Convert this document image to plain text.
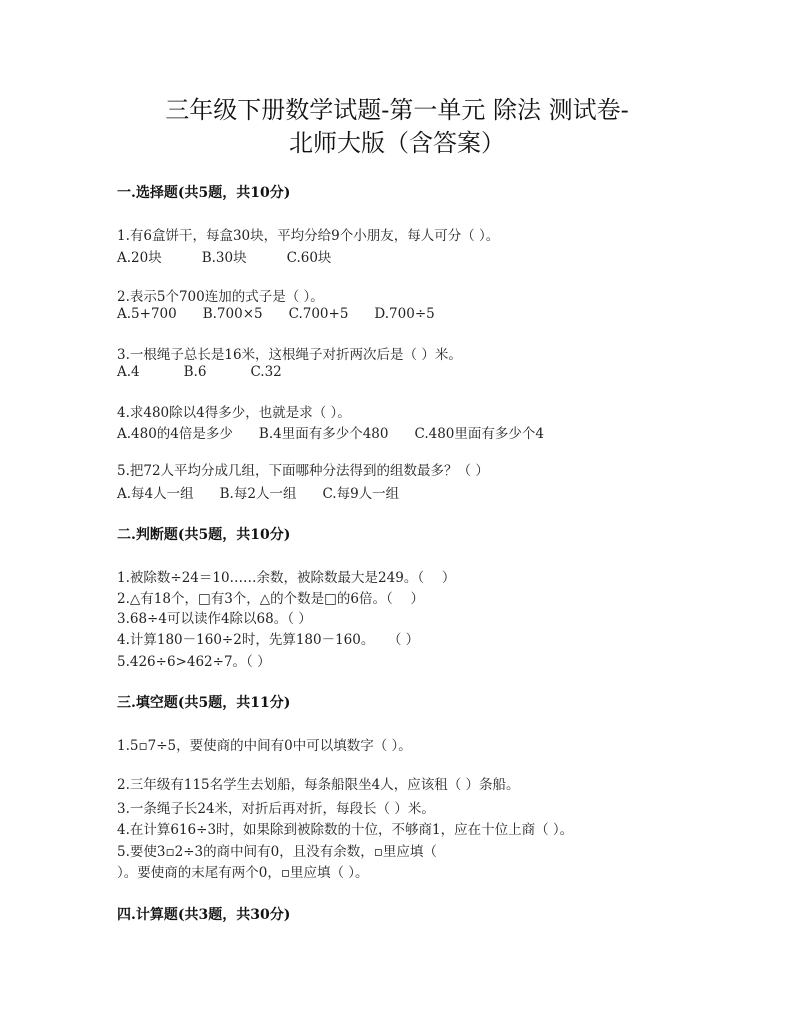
三年级下册数学试题-第一单元 除法 测试卷-
北师大版（含答案）
一.选择题(共5题，共10分)
1.有6盒饼干，每盒30块，平均分给9个小朋友，每人可分（ ）。
A.20块	B.30块	C.60块
2.表示5个700连加的式子是（ ）。
A.5+700 B.700×5 C.700+5 D.700÷5
3.一根绳子总长是16米，这根绳子对折两次后是（ ）米。
A.4	B.6	C.32
4.求480除以4得多少，也就是求（ ）。
A.480的4倍是多少 B.4里面有多少个480 C.480里面有多少个4
5.把72人平均分成几组，下面哪种分法得到的组数最多？（ ）
A.每4人一组 B.每2人一组 C.每9人一组
二.判断题(共5题，共10分)
1.被除数÷24＝10……余数，被除数最大是249。（　 ）
2.△有18个，□有3个，△的个数是□的6倍。（　 ）
3.68÷4可以读作4除以68。（ ）
4.计算180－160÷2时，先算180－160。　　（ ）
5.426÷6>462÷7。（ ）
三.填空题(共5题，共11分)
1.5▫7÷5，要使商的中间有0中可以填数字（ ）。
2.三年级有115名学生去划船，每条船限坐4人，应该租（ ）条船。
3.一条绳子长24米，对折后再对折，每段长（ ）米。
4.在计算616÷3时，如果除到被除数的十位，不够商1，应在十位上商（ ）。
5.要使3▫2÷3的商中间有0，且没有余数，▫里应填（
）。要使商的末尾有两个0，▫里应填（ ）。
四.计算题(共3题，共30分)
